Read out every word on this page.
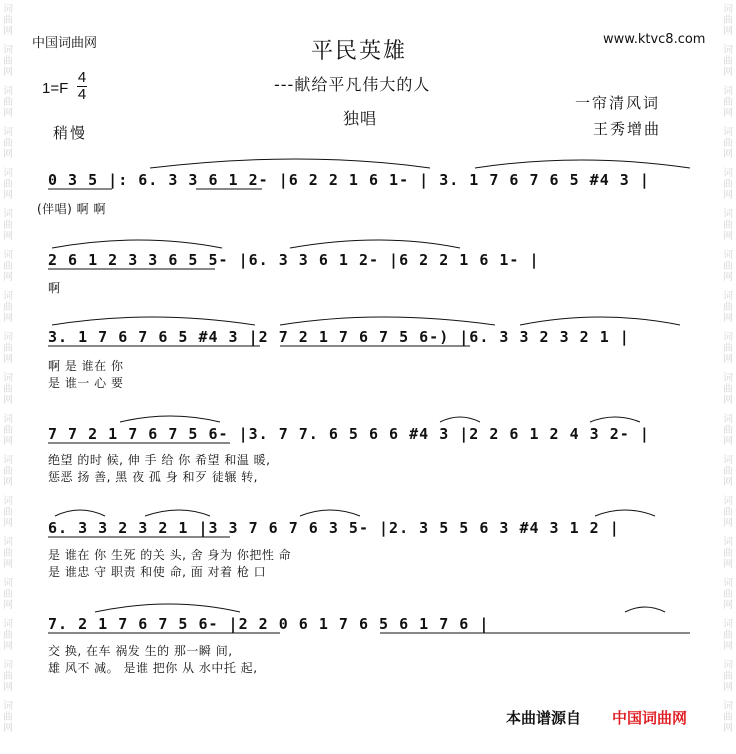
词
曲
网
词
曲
网
词
曲
网
词
曲
网
词
曲
网
词
曲
网
词
曲
网
词
曲
网
词
曲
网
词
曲
网
词
曲
网
词
曲
网
词
曲
网
词
曲
网
词
曲
网
词
曲
网
词
曲
网
词
曲
网
词
曲
网
词
曲
网
词
曲
网
词
曲
网
词
曲
网
词
曲
网
词
曲
网
词
曲
网
词
曲
网
词
曲
网
词
曲
网
词
曲
网
词
曲
网
词
曲
网
词
曲
网
词
曲
网
词
曲
网
词
曲
网
中国词曲网	www.ktvc8.com
平民英雄
---献给平凡伟大的人
独唱
1=F
4
4
稍慢
一帘清风词
王秀增曲
0 3 5 |: 6. 3 3 6 1 2- |6 2 2 1 6 1- | 3. 1 7 6 7 6 5 #4 3 |
(伴唱) 啊 啊
2 6 1 2 3 3 6 5 5- |6. 3 3 6 1 2- |6 2 2 1 6 1- |
啊
3. 1 7 6 7 6 5 #4 3 |2 7 2 1 7 6 7 5 6-) |6. 3 3 2 3 2 1 |
啊 是 谁在 你
是 谁一 心 要
7 7 2 1 7 6 7 5 6- |3. 7 7. 6 5 6 6 #4 3 |2 2 6 1 2 4 3 2- |
绝望 的时 候, 伸 手 给 你 希望 和温 暖,
惩恶 扬 善, 黑 夜 孤 身 和歹 徒辗 转,
6. 3 3 2 3 2 1 |3 3 7 6 7 6 3 5- |2. 3 5 5 6 3 #4 3 1 2 |
是 谁在 你 生死 的关 头, 舍 身为 你把性 命
是 谁忠 守 职责 和使 命, 面 对着 枪 口
7. 2 1 7 6 7 5 6- |2 2 0 6 1 7 6 5 6 1 7 6 |
交 换, 在车 祸发 生的 那一瞬 间,
雄 风不 减。 是谁 把你 从 水中托 起,
本曲谱源自 中国词曲网
